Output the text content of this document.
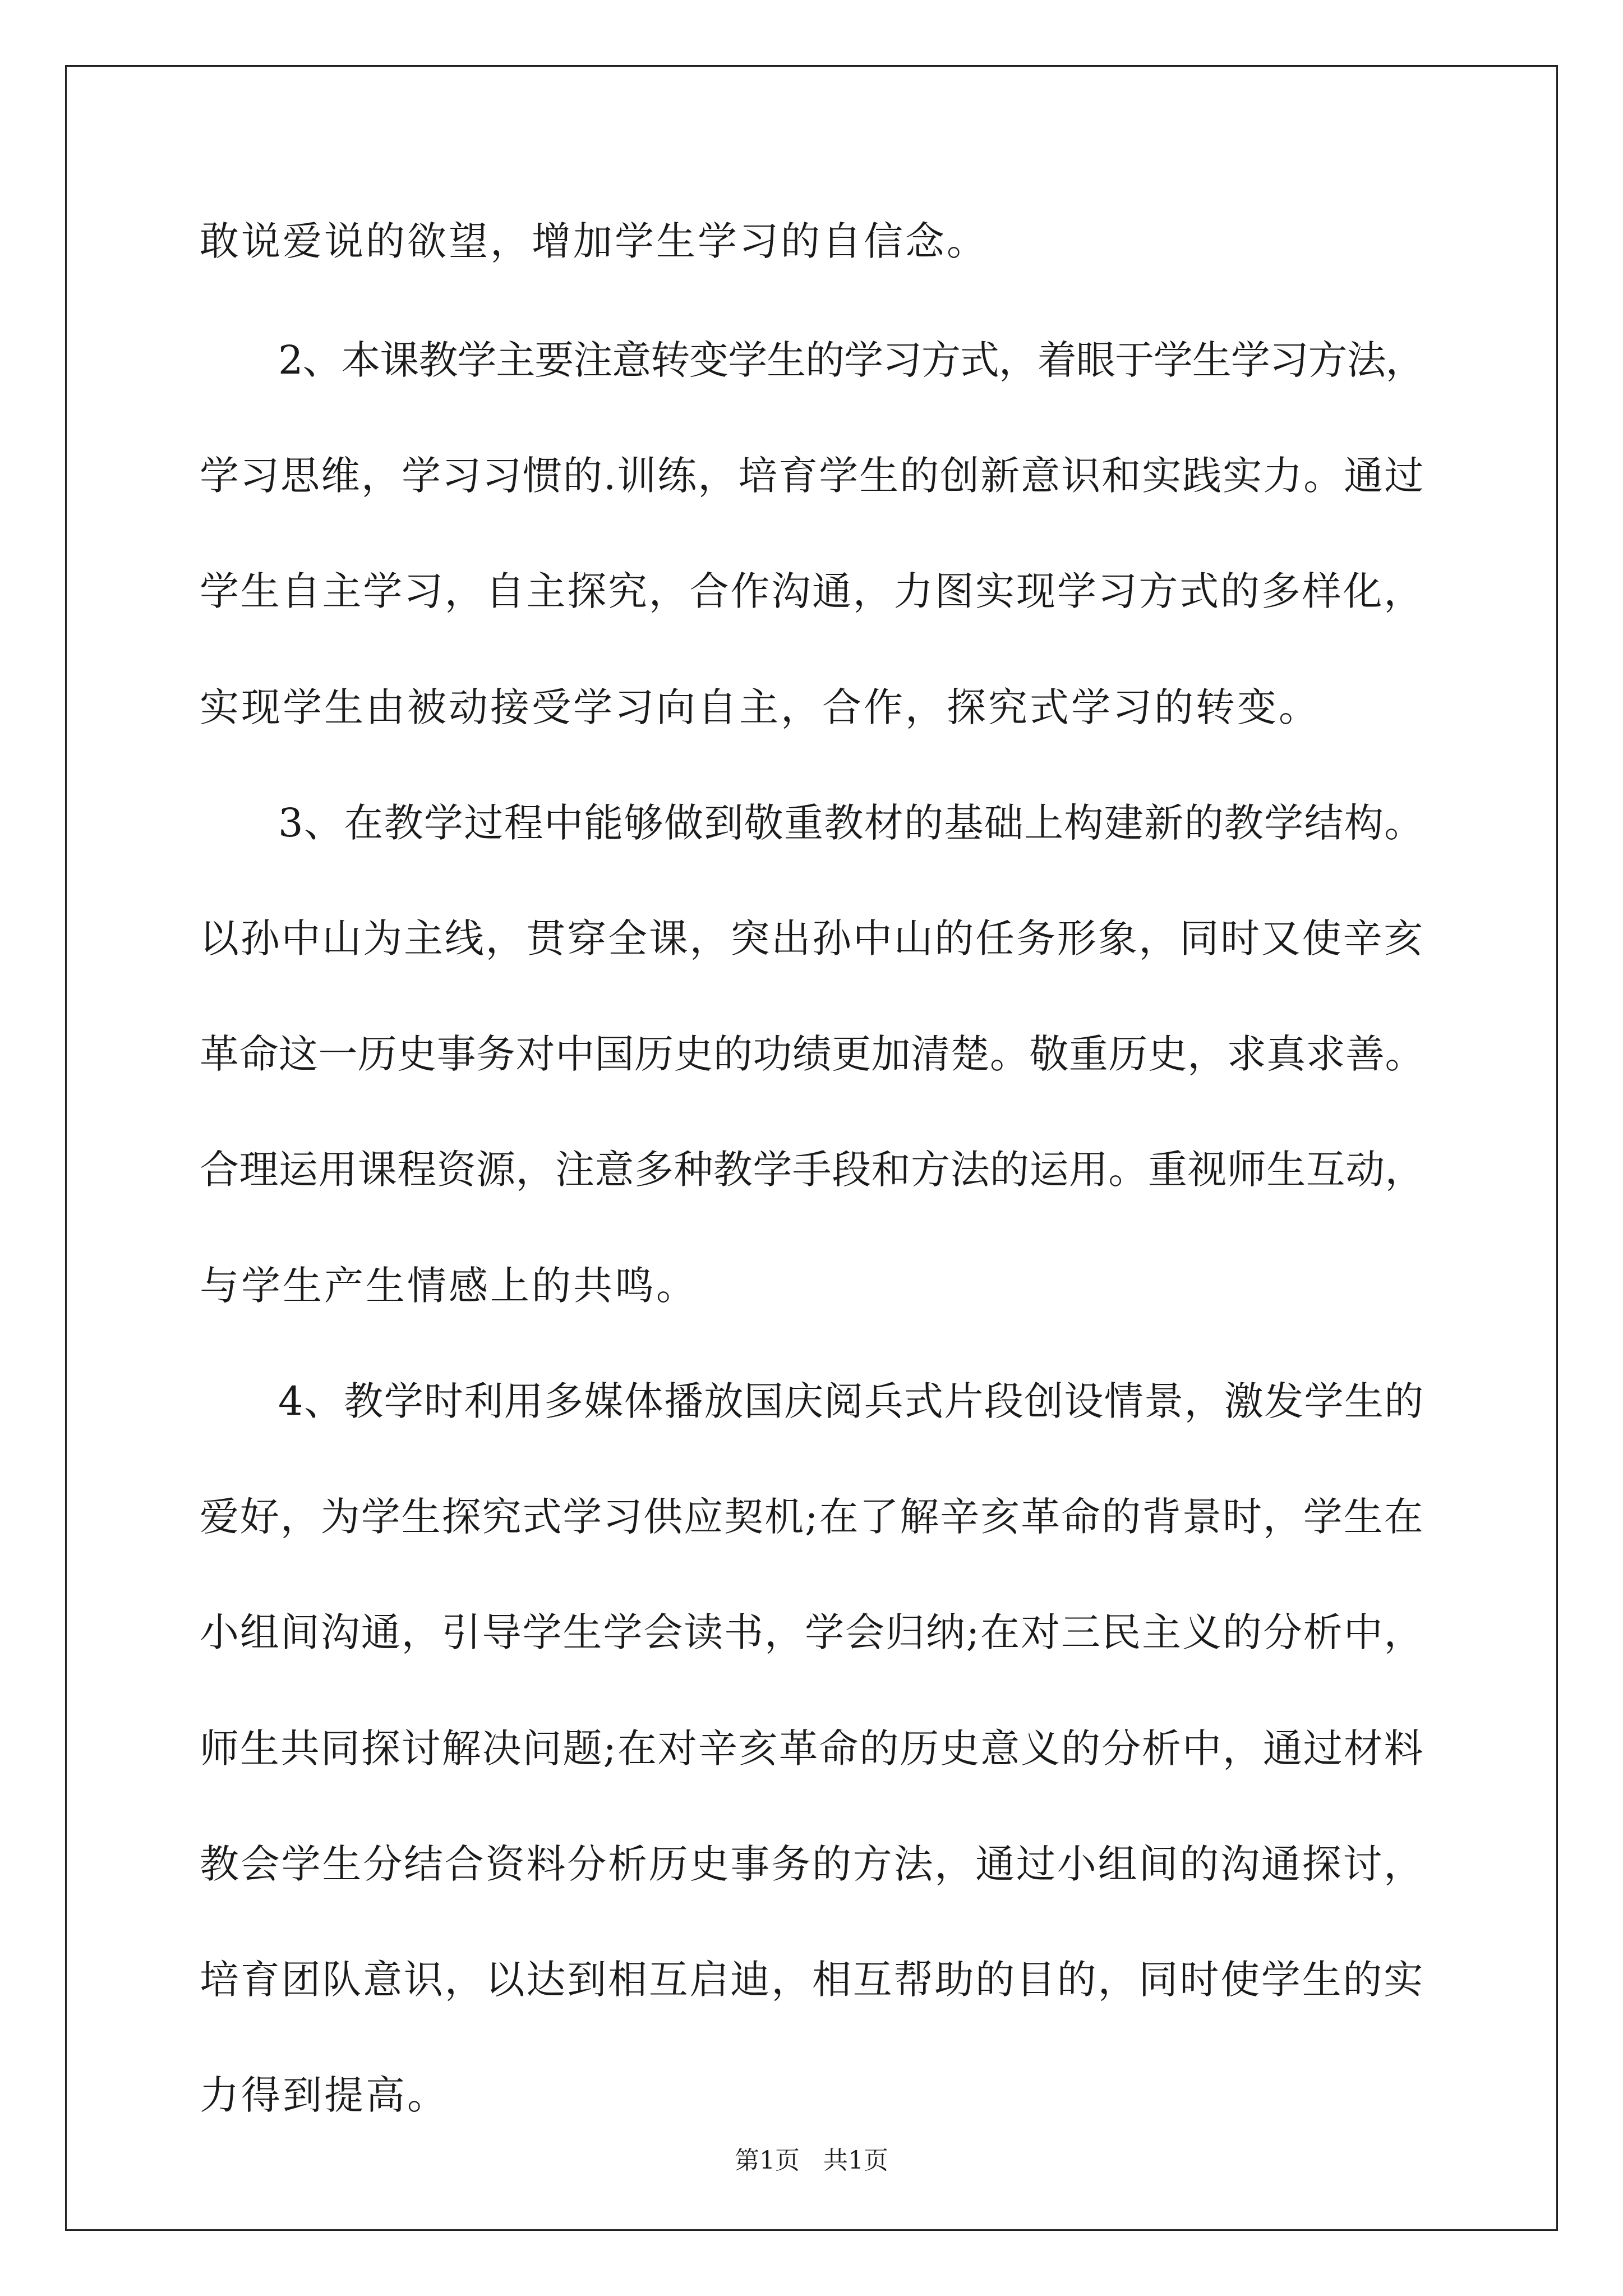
敢说爱说的欲望，增加学生学习的自信念。
2、本课教学主要注意转变学生的学习方式，着眼于学生学习方法，
学习思维，学习习惯的.训练，培育学生的创新意识和实践实力。通过
学生自主学习，自主探究，合作沟通，力图实现学习方式的多样化，
实现学生由被动接受学习向自主，合作，探究式学习的转变。
3、在教学过程中能够做到敬重教材的基础上构建新的教学结构。
以孙中山为主线，贯穿全课，突出孙中山的任务形象，同时又使辛亥
革命这一历史事务对中国历史的功绩更加清楚。敬重历史，求真求善。
合理运用课程资源，注意多种教学手段和方法的运用。重视师生互动，
与学生产生情感上的共鸣。
4、教学时利用多媒体播放国庆阅兵式片段创设情景，激发学生的
爱好，为学生探究式学习供应契机;在了解辛亥革命的背景时，学生在
小组间沟通，引导学生学会读书，学会归纳;在对三民主义的分析中，
师生共同探讨解决问题;在对辛亥革命的历史意义的分析中，通过材料
教会学生分结合资料分析历史事务的方法，通过小组间的沟通探讨，
培育团队意识，以达到相互启迪，相互帮助的目的，同时使学生的实
力得到提高。
第1页   共1页
